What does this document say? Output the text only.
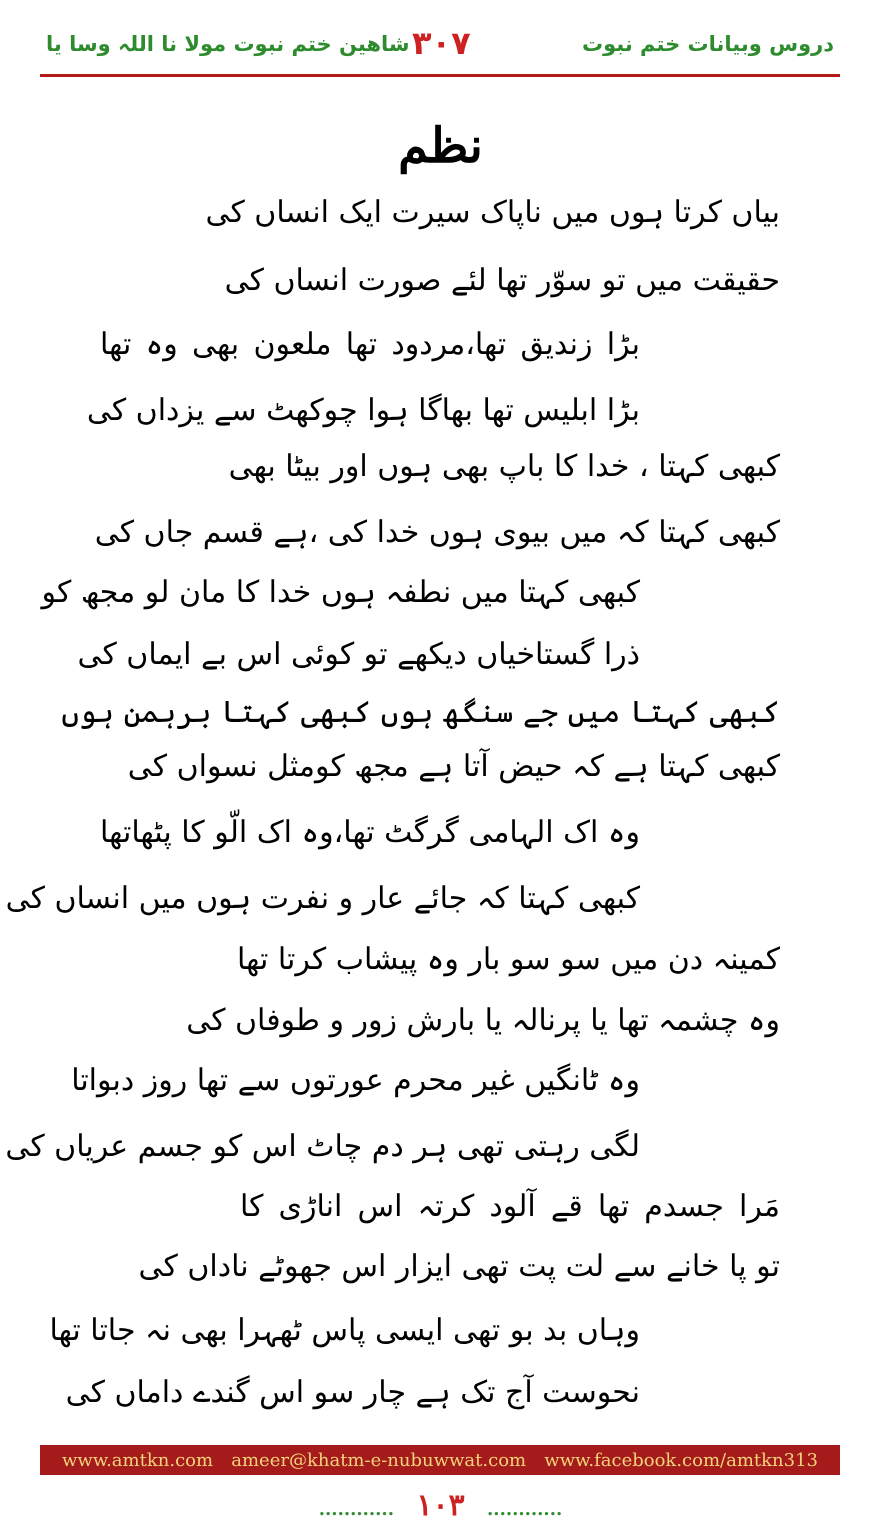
شاھین ختم نبوت مولا نا اللہ وسا یا ۳۰۷	دروس وبیانات ختم نبوت
نظم
بیاں کرتا ہوں میں ناپاک سیرت ایک انساں کی
حقیقت میں تو سوّر تھا لئے صورت انساں کی
بڑا زندیق تھا،مردود تھا ملعون بھی وہ تھا
بڑا ابلیس تھا بھاگا ہوا چوکھٹ سے یزداں کی
کبھی کہتا ، خدا کا باپ بھی ہوں اور بیٹا بھی
کبھی کہتا کہ میں بیوی ہوں خدا کی ،ہے قسم جاں کی
کبھی کہتا میں نطفہ ہوں خدا کا مان لو مجھ کو
ذرا گستاخیاں دیکھے تو کوئی اس بے ایماں کی
کبھی کہتا میں جے سنگھ ہوں کبھی کہتا برہمن ہوں
کبھی کہتا ہے کہ حیض آتا ہے مجھ کومثل نسواں کی
وہ اک الہامی گرگٹ تھا،وہ اک الّو کا پٹھاتھا
کبھی کہتا کہ جائے عار و نفرت ہوں میں انساں کی
کمینہ دن میں سو سو بار وہ پیشاب کرتا تھا
وہ چشمہ تھا یا پرنالہ یا بارش زور و طوفاں کی
وہ ٹانگیں غیر محرم عورتوں سے تھا روز دبواتا
لگی رہتی تھی ہر دم چاٹ اس کو جسم عریاں کی
مَرا جسدم تھا قے آلود کرتہ اس اناڑی کا
تو پا خانے سے لت پت تھی ایزار اس جھوٹے ناداں کی
وہاں بد بو تھی ایسی پاس ٹھہرا بھی نہ جاتا تھا
نحوست آج تک ہے چار سو اس گندے داماں کی
www.amtkn.com ameer@khatm-e-nubuwwat.com www.facebook.com/amtkn313
............ ۱۰۳ ............
